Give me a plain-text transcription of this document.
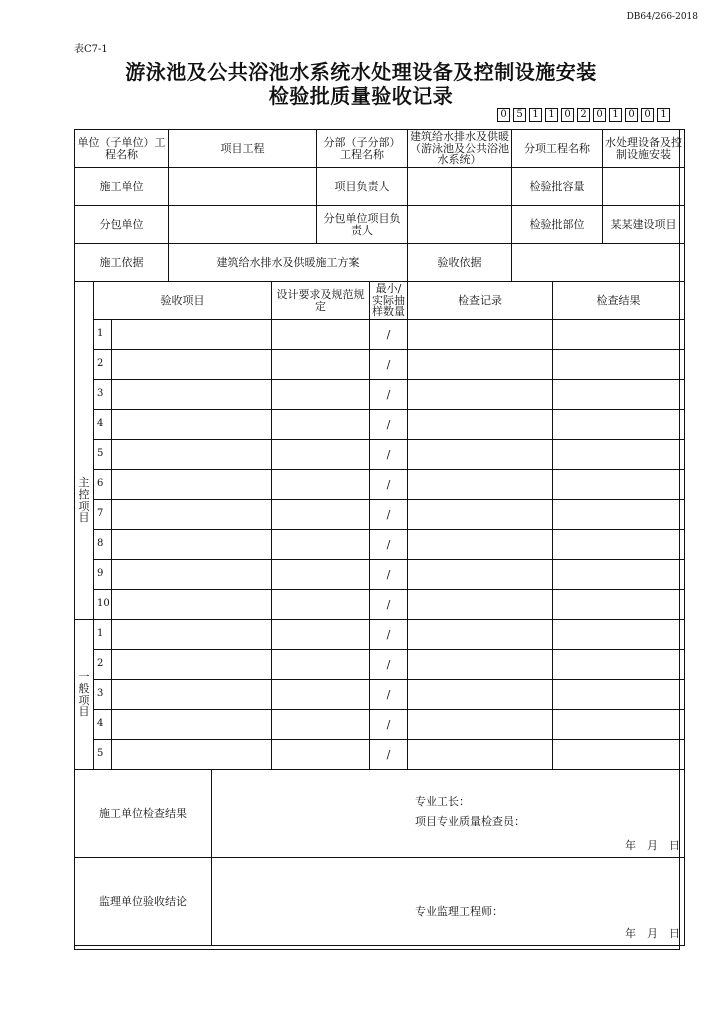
DB64/266-2018
表C7-1
游泳池及公共浴池水系统水处理设备及控制设施安装
检验批质量验收记录
0 5 1 1 0 2 0 1 0 0 1
单位（子单位）工程名称			项目工程			分部（子分部）工程名称		建筑给水排水及供暖（游泳池及公共浴池水系统）	分项工程名称		水处理设备及控制设施安装
施工单位						项目负责人			检验批容量		
分包单位						分包单位项目负责人			检验批部位		某某建设项目
施工依据			建筑给水排水及供暖施工方案					验收依据			
主控项目	验收项目				设计要求及规范规定		最小/实际抽样数量	检查记录		检查结果	
	1						/				
	2						/				
	3						/				
	4						/				
	5						/				
	6						/				
	7						/				
	8						/				
	9						/				
	10						/				
一般项目	1						/				
	2						/				
	3						/				
	4						/				
	5						/				
施工单位检查结果				专业工长：
项目专业质量检查员：
年　月　日							

监理单位验收结论				专业监理工程师：
年　月　日							
